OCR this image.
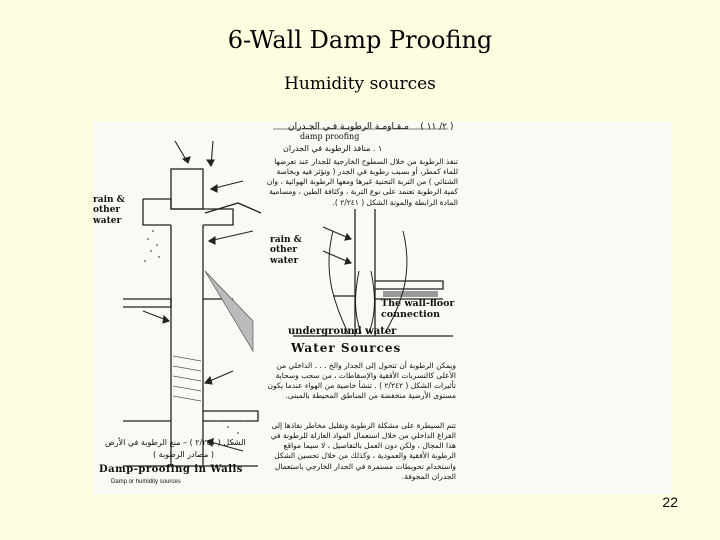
6-Wall Damp Proofing
Humidity sources
( ٢/ ١١ )    مـقـاومـة الرطوبـة فـي الجـدران
damp proofing
١ . منافذ الرطوبة في الجدران
تنفذ الرطوبة من خلال السطوح الخارجية للجدار عند تعرضها للماء كمطر، أو بسبب رطوبة في الجدر ( وتؤثر فيه وبخاصة الشتائي ) من التربة التحتية غيرها ومعها الرطوبة الهوائية ، وان كمية الرطوبة تعتمد على نوع التربة ، وكثافة الطين ، ومسامية المادة الرابطة والمونة الشكل ( ٢/٢٤١ ).
rain &
other
water
rain &
other
water
The wall-floor
connection
underground water
Water Sources
ويمكن الرطوبة أن تتحول إلى الجدار والخ . . . الداخلي من الأعلى كالتسربات الأفقية والإسقاطات ، من سحب وسحابة تأثيرات الشكل ( ٢/٢٤٢ ) . تنشأ خاصية من الهواء عندما يكون مستوى الأرضية منخفضة من المناطق المحيطة بالمبنى.
تتم السيطرة على مشكلة الرطوبة وتقليل مخاطر نفاذها إلى الفراغ الداخلي من خلال استعمال المواد العازلة للرطوبة في هذا المجال ، ولكن دون العمل بالتفاصيل ، لا سيما مواقع الرطوبة الأفقية والعمودية ، وكذلك من خلال تحسين الشكل واستخدام تحويطات مستمرة في الجدار الخارجي باستعمال الجدران المجوفة.
الشكل ( ٢/٢٤١ ) – منع الرطوبة في الأرض
( مصادر الرطوبة )
Damp-proofing in Walls
Damp or humidity sources
22
